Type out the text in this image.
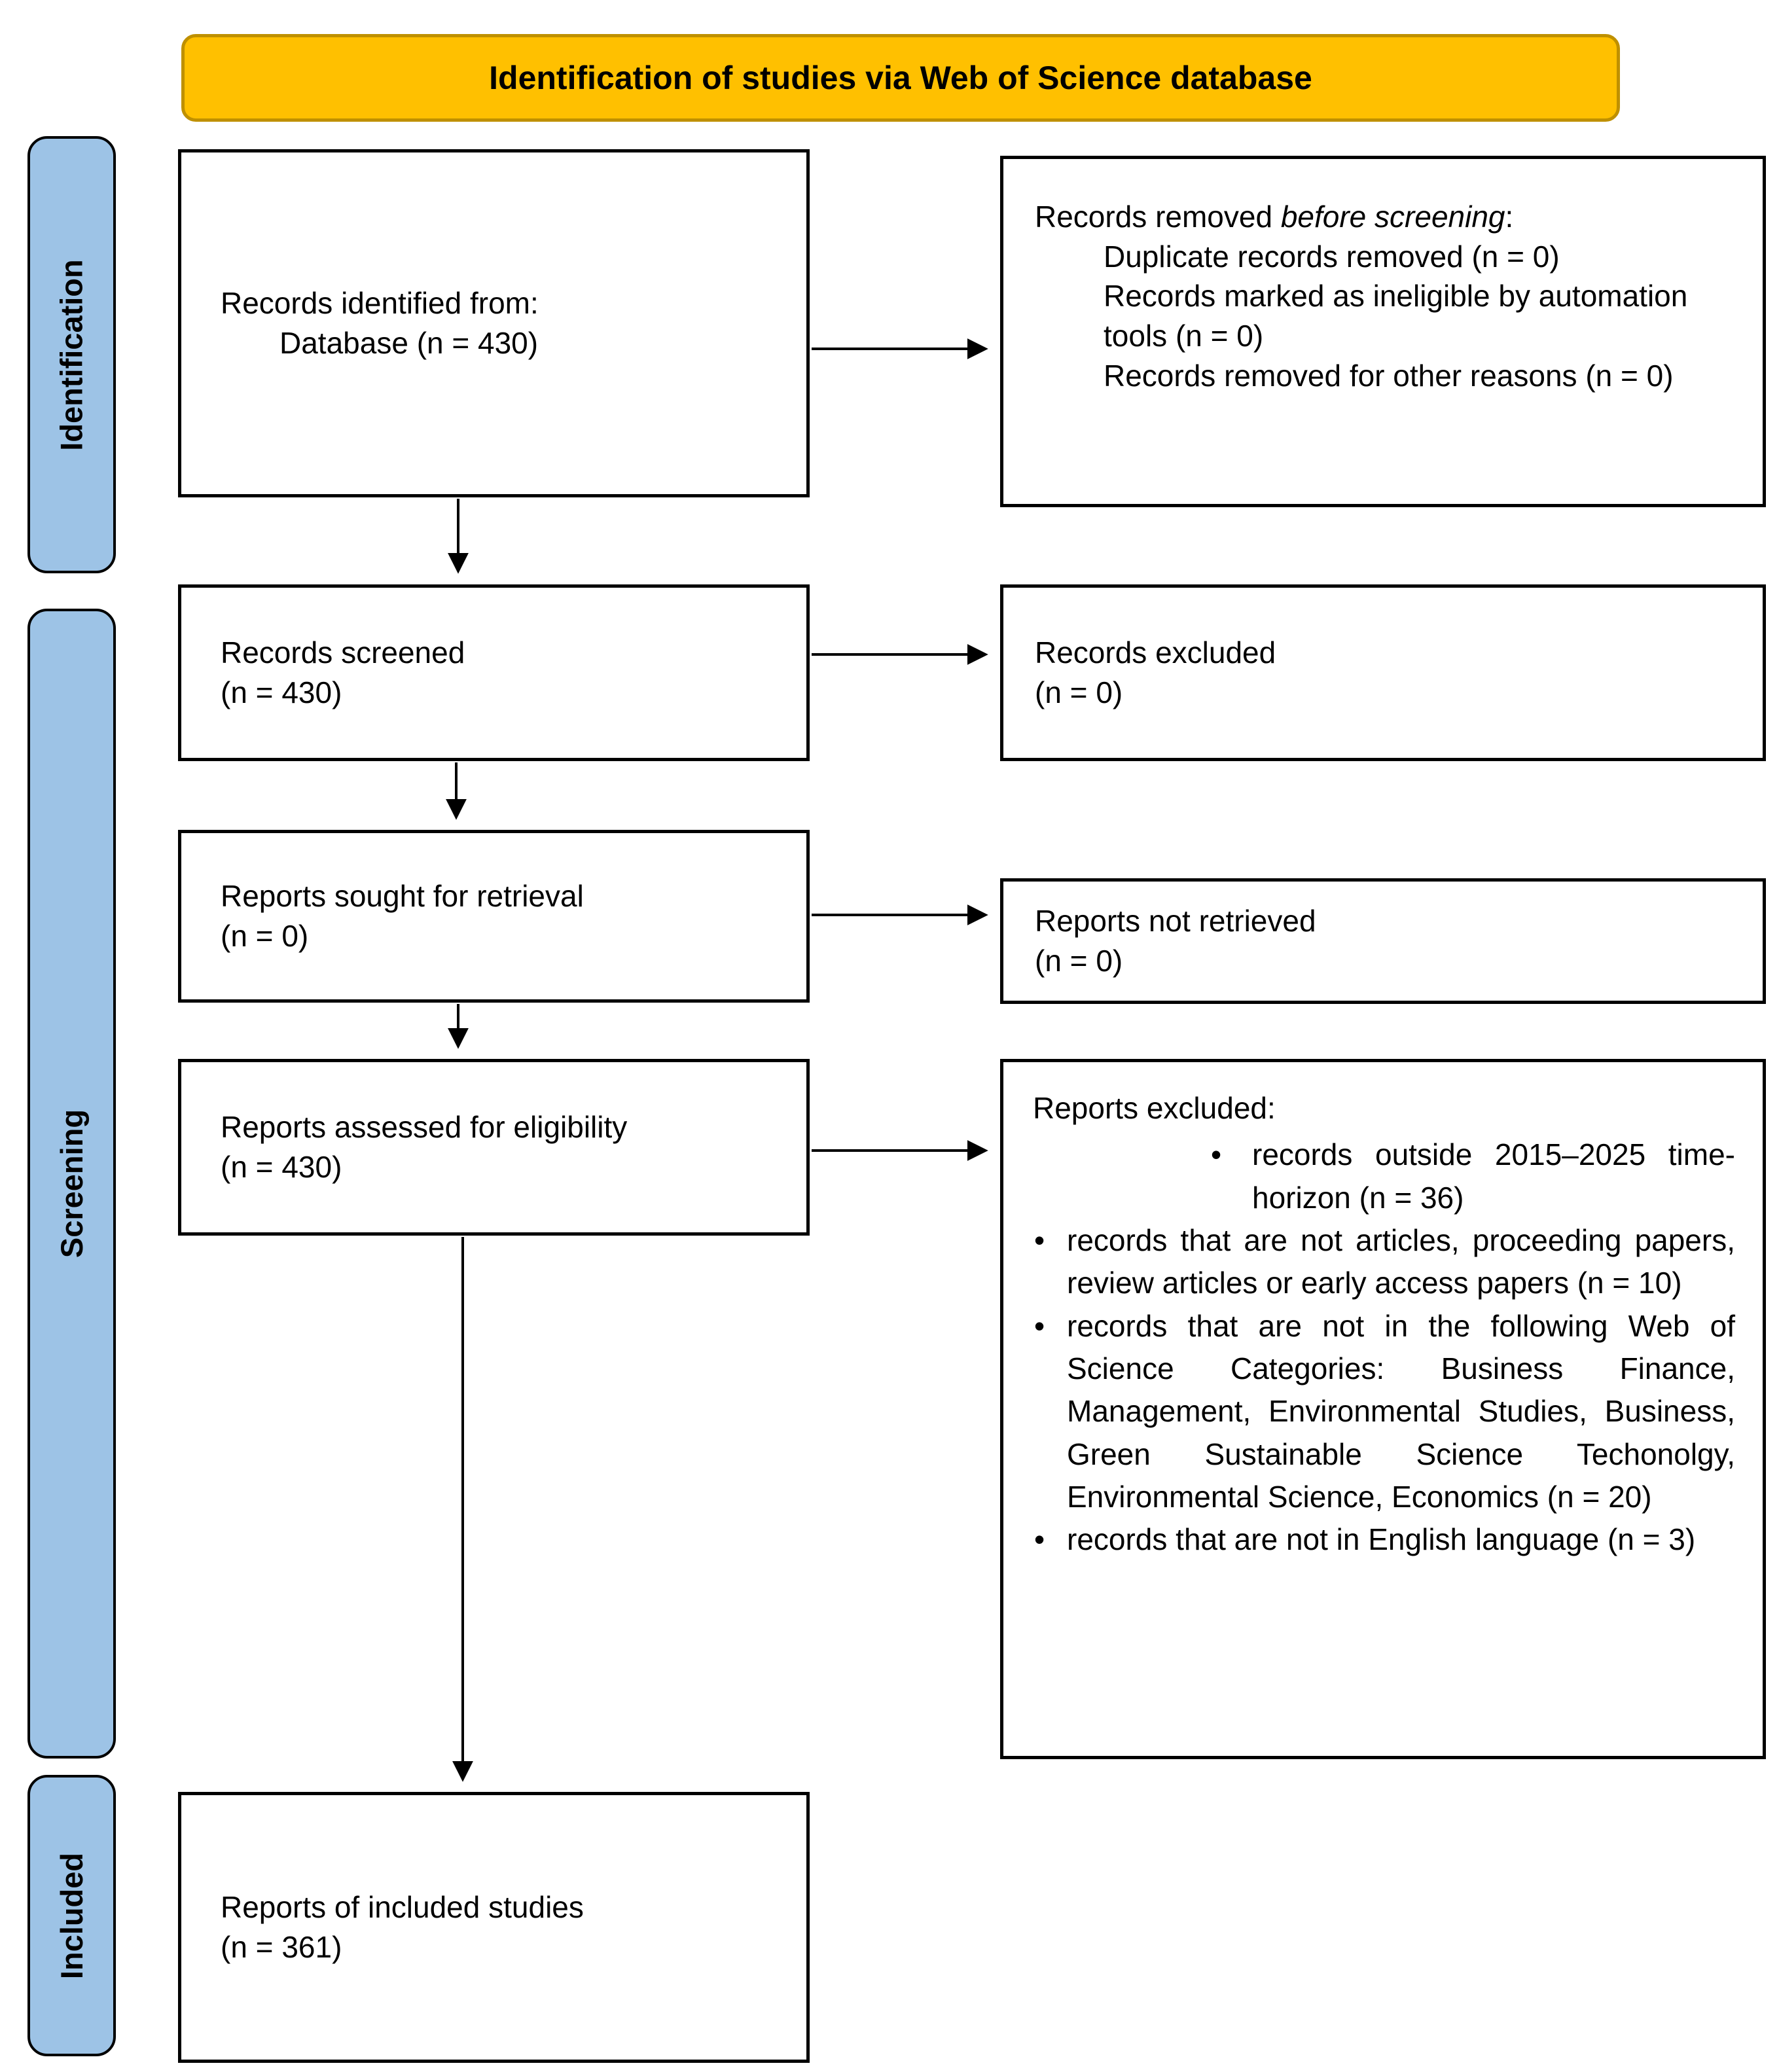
Identification of studies via Web of Science database
Identification
Screening
Included
Records identified from:
Database (n = 430)
Records removed before screening:
Duplicate records removed (n = 0)
Records marked as ineligible by automation tools (n = 0)
Records removed for other reasons (n = 0)
Records screened
(n = 430)
Records excluded
(n = 0)
Reports sought for retrieval
(n = 0)	Reports not retrieved
(n = 0)
Reports assessed for eligibility
(n = 430)
Reports excluded:
• records outside 2015–2025 time-horizon (n = 36)
• records that are not articles, proceeding papers, review articles or early access papers (n = 10)
• records that are not in the following Web of Science Categories: Business Finance, Management, Environmental Studies, Business, Green Sustainable Science Techonolgy, Environmental Science, Economics (n = 20)
• records that are not in English language (n = 3)
Reports of included studies
(n = 361)
